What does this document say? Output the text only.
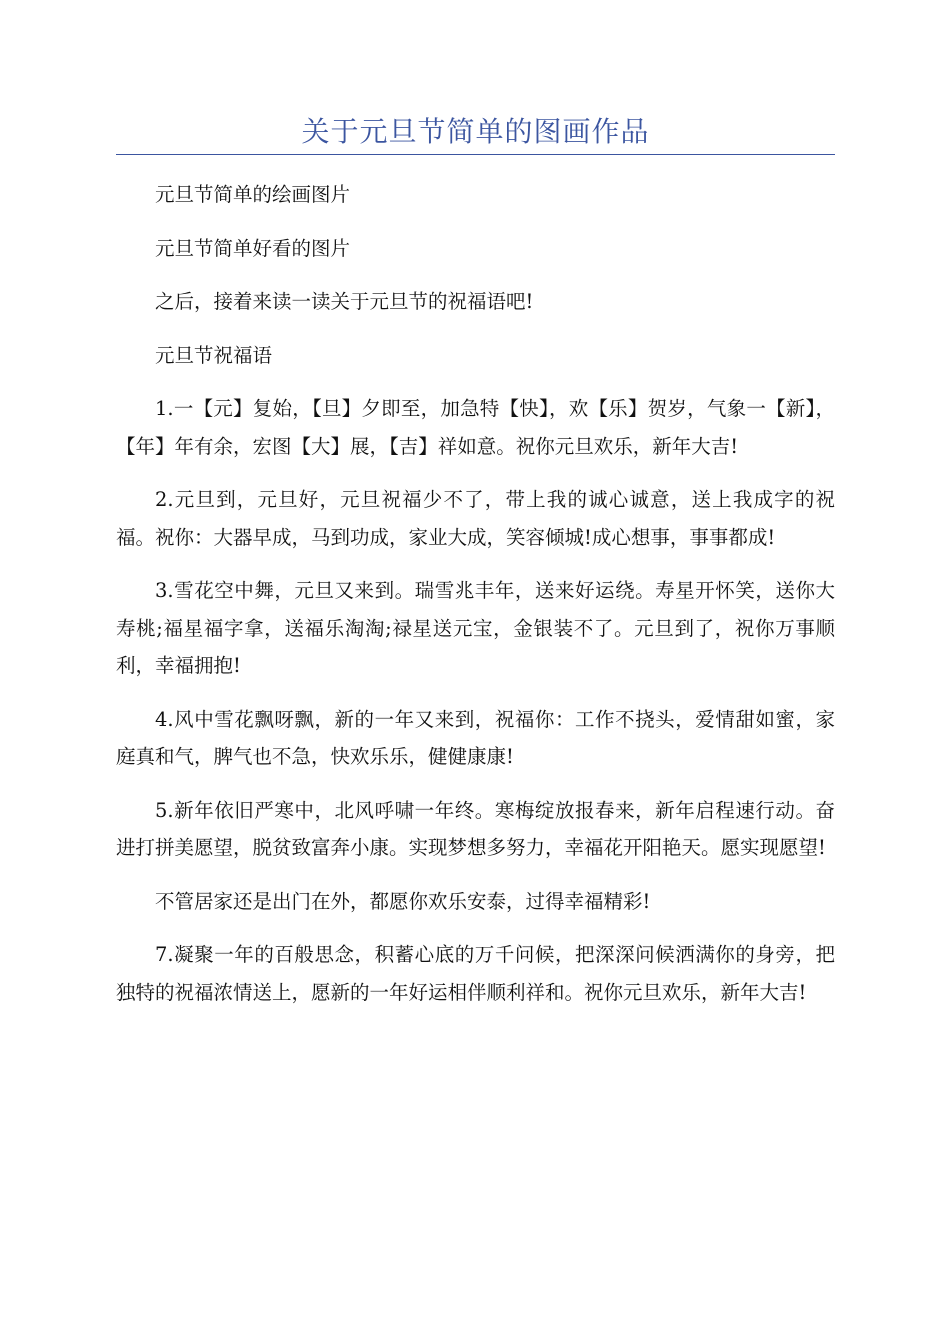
关于元旦节简单的图画作品

元旦节简单的绘画图片

元旦节简单好看的图片

之后，接着来读一读关于元旦节的祝福语吧!

元旦节祝福语

1.一【元】复始，【旦】夕即至，加急特【快】，欢【乐】贺岁，气象一【新】，【年】年有余，宏图【大】展，【吉】祥如意。祝你元旦欢乐，新年大吉!

2.元旦到，元旦好，元旦祝福少不了，带上我的诚心诚意，送上我成字的祝福。祝你：大器早成，马到功成，家业大成，笑容倾城!成心想事，事事都成!

3.雪花空中舞，元旦又来到。瑞雪兆丰年，送来好运绕。寿星开怀笑，送你大寿桃;福星福字拿，送福乐淘淘;禄星送元宝，金银装不了。元旦到了，祝你万事顺利，幸福拥抱!

4.风中雪花飘呀飘，新的一年又来到，祝福你：工作不挠头，爱情甜如蜜，家庭真和气，脾气也不急，快欢乐乐，健健康康!

5.新年依旧严寒中，北风呼啸一年终。寒梅绽放报春来，新年启程速行动。奋进打拼美愿望，脱贫致富奔小康。实现梦想多努力，幸福花开阳艳天。愿实现愿望!

不管居家还是出门在外，都愿你欢乐安泰，过得幸福精彩!

7.凝聚一年的百般思念，积蓄心底的万千问候，把深深问候洒满你的身旁，把独特的祝福浓情送上，愿新的一年好运相伴顺利祥和。祝你元旦欢乐，新年大吉!
